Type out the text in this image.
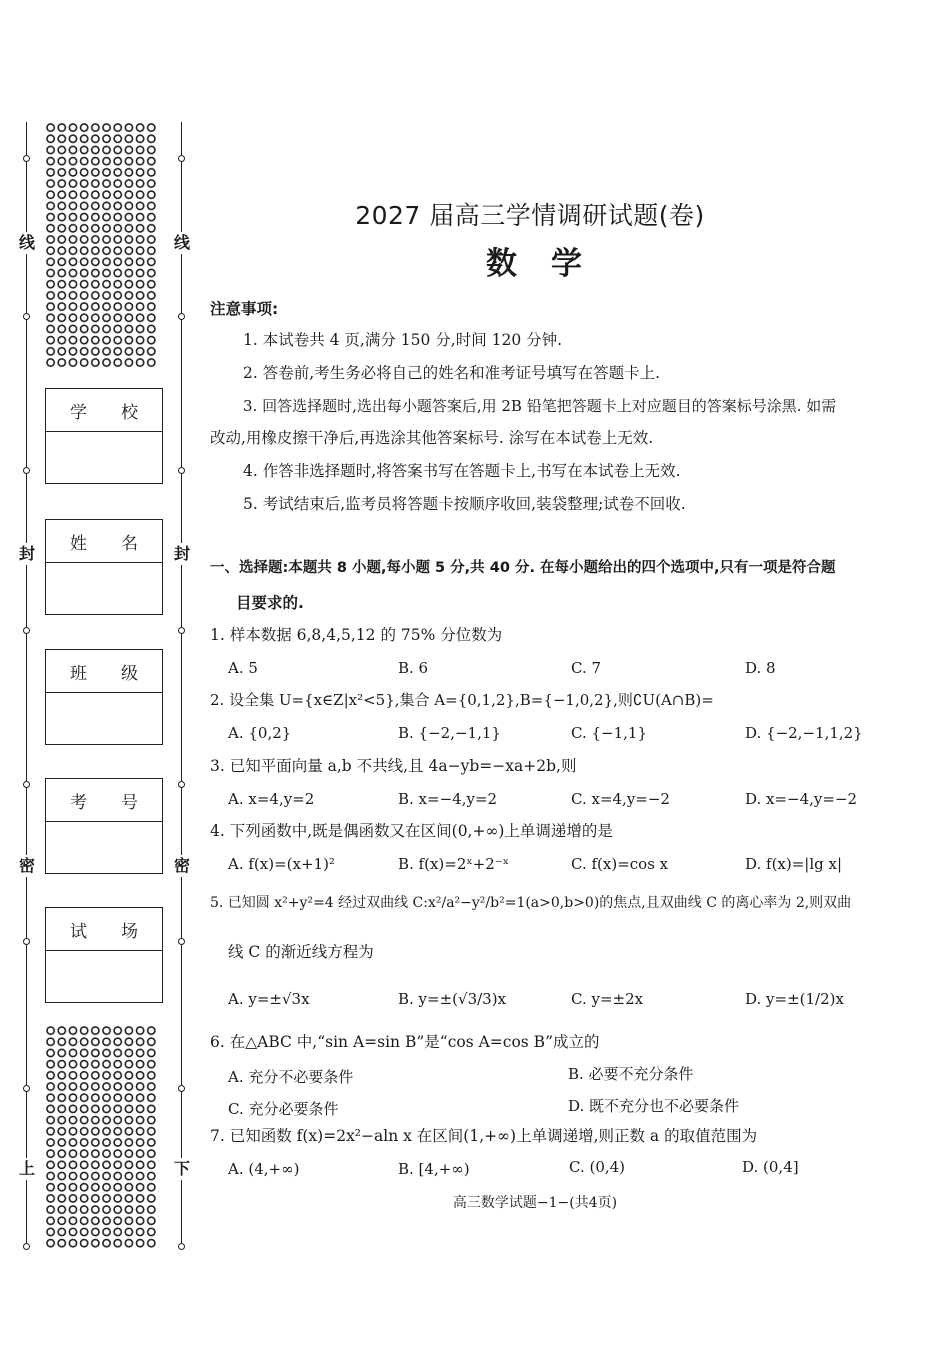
线	线
封	封
密	密
上	下
学 校
姓 名
班 级
考 号
试 场
2027 届高三学情调研试题(卷)
数 学
注意事项:
1. 本试卷共 4 页,满分 150 分,时间 120 分钟.
2. 答卷前,考生务必将自己的姓名和准考证号填写在答题卡上.
3. 回答选择题时,选出每小题答案后,用 2B 铅笔把答题卡上对应题目的答案标号涂黑. 如需
改动,用橡皮擦干净后,再选涂其他答案标号. 涂写在本试卷上无效.
4. 作答非选择题时,将答案书写在答题卡上,书写在本试卷上无效.
5. 考试结束后,监考员将答题卡按顺序收回,装袋整理;试卷不回收.
一、选择题:本题共 8 小题,每小题 5 分,共 40 分. 在每小题给出的四个选项中,只有一项是符合题
目要求的.
1. 样本数据 6,8,4,5,12 的 75% 分位数为
A. 5	B. 6	C. 7	D. 8
2. 设全集 U={x∈Z|x²<5},集合 A={0,1,2},B={−1,0,2},则∁U(A∩B)=
A. {0,2}	B. {−2,−1,1}	C. {−1,1}	D. {−2,−1,1,2}
3. 已知平面向量 a,b 不共线,且 4a−yb=−xa+2b,则
A. x=4,y=2	B. x=−4,y=2	C. x=4,y=−2	D. x=−4,y=−2
4. 下列函数中,既是偶函数又在区间(0,+∞)上单调递增的是
A. f(x)=(x+1)²	B. f(x)=2ˣ+2⁻ˣ	C. f(x)=cos x	D. f(x)=|lg x|
5. 已知圆 x²+y²=4 经过双曲线 C:x²/a²−y²/b²=1(a>0,b>0)的焦点,且双曲线 C 的离心率为 2,则双曲
线 C 的渐近线方程为
A. y=±√3x	B. y=±(√3/3)x	C. y=±2x	D. y=±(1/2)x
6. 在△ABC 中,“sin A=sin B”是“cos A=cos B”成立的
A. 充分不必要条件	B. 必要不充分条件
C. 充分必要条件	D. 既不充分也不必要条件
7. 已知函数 f(x)=2x²−aln x 在区间(1,+∞)上单调递增,则正数 a 的取值范围为
A. (4,+∞)	B. [4,+∞)	C. (0,4)	D. (0,4]
高三数学试题−1−(共4页)
